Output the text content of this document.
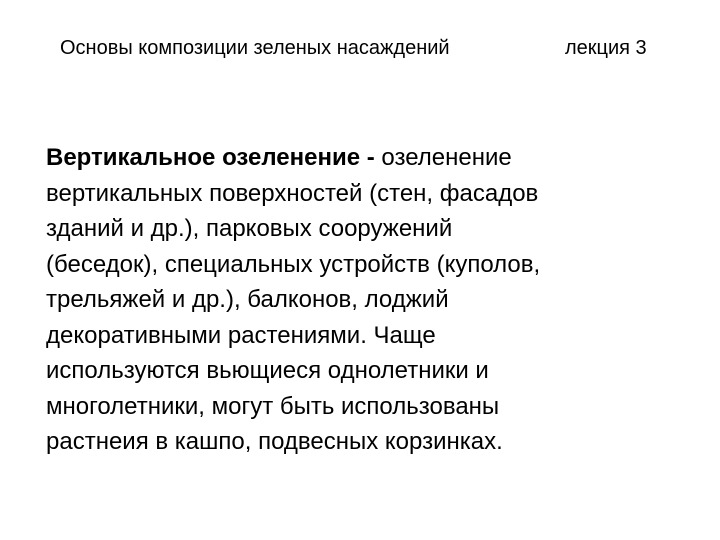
Основы композиции зеленых насаждений	лекция 3
Вертикальное озеленение - озеленение
вертикальных поверхностей (стен, фасадов
зданий и др.), парковых сооружений
(беседок), специальных устройств (куполов,
трельяжей и др.), балконов, лоджий
декоративными растениями. Чаще
используются вьющиеся однолетники и
многолетники, могут быть использованы
растнеия в кашпо, подвесных корзинках.
